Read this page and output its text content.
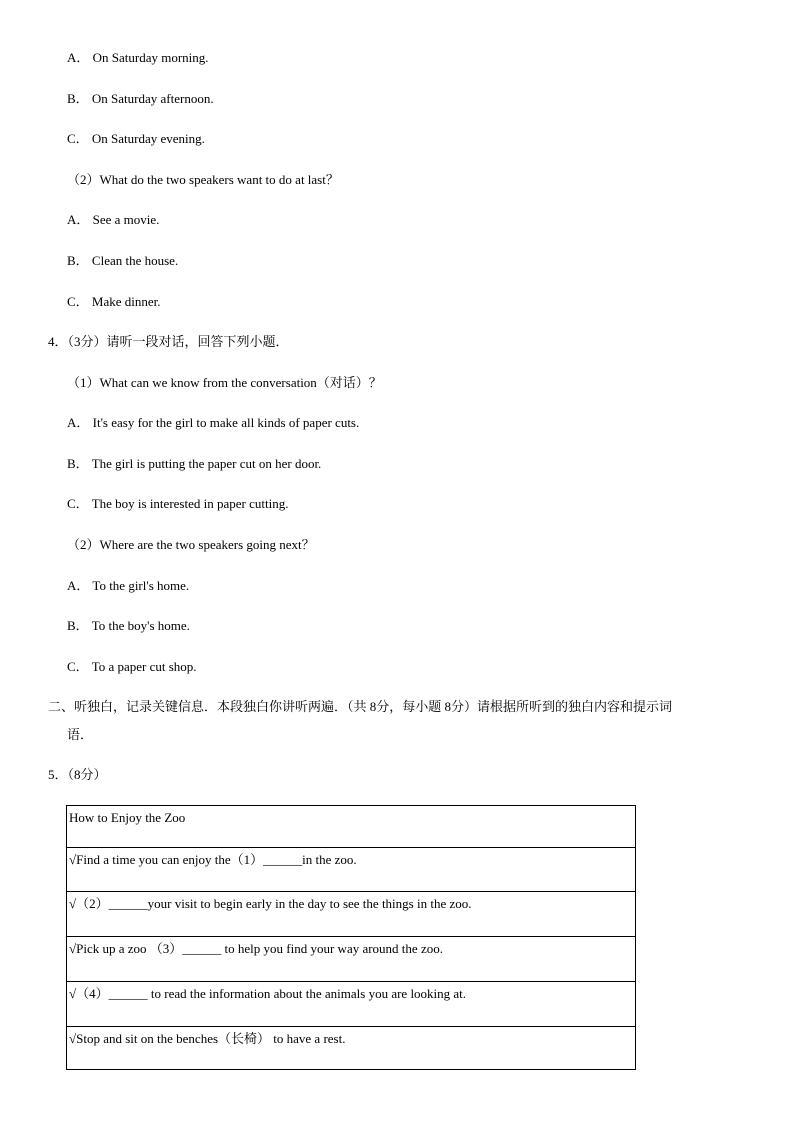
A． On Saturday morning.
B． On Saturday afternoon.
C． On Saturday evening.
（2）What do the two speakers want to do at last？
A． See a movie.
B． Clean the house.
C． Make dinner.
4．（3分）请听一段对话，回答下列小题．
（1）What can we know from the conversation（对话）？
A． It's easy for the girl to make all kinds of paper cuts.
B． The girl is putting the paper cut on her door.
C． The boy is interested in paper cutting.
（2）Where are the two speakers going next？
A． To the girl's home.
B． To the boy's home.
C． To a paper cut shop.
二、听独白，记录关键信息．本段独白你讲听两遍．（共 8分，每小题 8分）请根据所听到的独白内容和提示词
语．
5．（8分）
How to Enjoy the Zoo

√Find a time you can enjoy the（1）______in the zoo.

√（2）______your visit to begin early in the day to see the things in the zoo.

√Pick up a zoo （3）______ to help you find your way around the zoo.

√（4）______ to read the information about the animals you are looking at.

√Stop and sit on the benches（长椅） to have a rest.
